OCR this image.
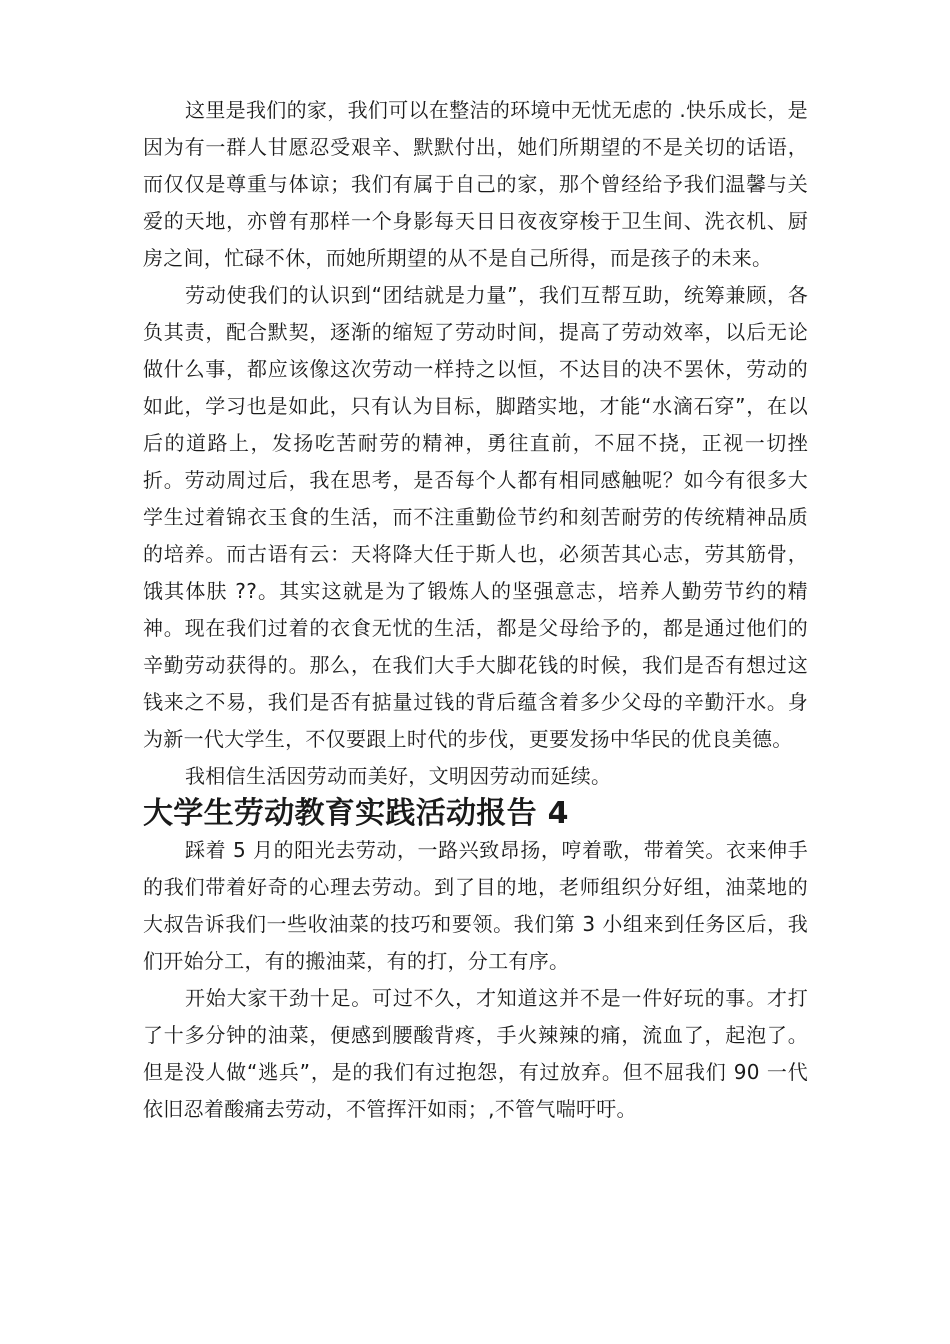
这里是我们的家，我们可以在整洁的环境中无忧无虑的 .快乐成长，是因为有一群人甘愿忍受艰辛、默默付出，她们所期望的不是关切的话语，而仅仅是尊重与体谅；我们有属于自己的家，那个曾经给予我们温馨与关爱的天地，亦曾有那样一个身影每天日日夜夜穿梭于卫生间、洗衣机、厨房之间，忙碌不休，而她所期望的从不是自己所得，而是孩子的未来。

劳动使我们的认识到“团结就是力量”，我们互帮互助，统筹兼顾，各负其责，配合默契，逐渐的缩短了劳动时间，提高了劳动效率，以后无论做什么事，都应该像这次劳动一样持之以恒，不达目的决不罢休，劳动的如此，学习也是如此，只有认为目标，脚踏实地，才能“水滴石穿”，在以后的道路上，发扬吃苦耐劳的精神，勇往直前，不屈不挠，正视一切挫折。劳动周过后，我在思考，是否每个人都有相同感触呢？如今有很多大学生过着锦衣玉食的生活，而不注重勤俭节约和刻苦耐劳的传统精神品质的培养。而古语有云：天将降大任于斯人也，必须苦其心志，劳其筋骨，饿其体肤 ??。其实这就是为了锻炼人的坚强意志，培养人勤劳节约的精神。现在我们过着的衣食无忧的生活，都是父母给予的，都是通过他们的辛勤劳动获得的。那么，在我们大手大脚花钱的时候，我们是否有想过这钱来之不易，我们是否有掂量过钱的背后蕴含着多少父母的辛勤汗水。身为新一代大学生，不仅要跟上时代的步伐，更要发扬中华民的优良美德。

我相信生活因劳动而美好，文明因劳动而延续。

大学生劳动教育实践活动报告 4

踩着 5 月的阳光去劳动，一路兴致昂扬，哼着歌，带着笑。衣来伸手的我们带着好奇的心理去劳动。到了目的地，老师组织分好组，油菜地的大叔告诉我们一些收油菜的技巧和要领。我们第 3 小组来到任务区后，我们开始分工，有的搬油菜，有的打，分工有序。

开始大家干劲十足。可过不久，才知道这并不是一件好玩的事。才打了十多分钟的油菜，便感到腰酸背疼，手火辣辣的痛，流血了，起泡了。但是没人做“逃兵”，是的我们有过抱怨，有过放弃。但不屈我们 90 一代依旧忍着酸痛去劳动，不管挥汗如雨；,不管气喘吁吁。
